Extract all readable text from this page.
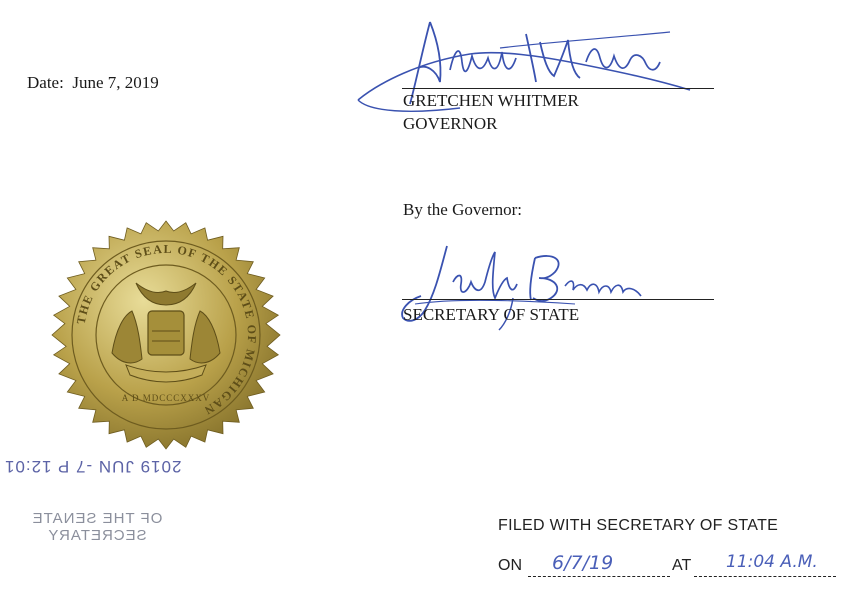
Date: June 7, 2019
GRETCHEN WHITMER
GOVERNOR
By the Governor:
SECRETARY OF STATE
THE GREAT SEAL OF THE STATE OF MICHIGAN
A D MDCCCXXXV
2019 JUN -7 P 12:01
OF THE SENATE
SECRETARY
FILED WITH SECRETARY OF STATE
ON 6/7/19	AT 11:04 A.M.
